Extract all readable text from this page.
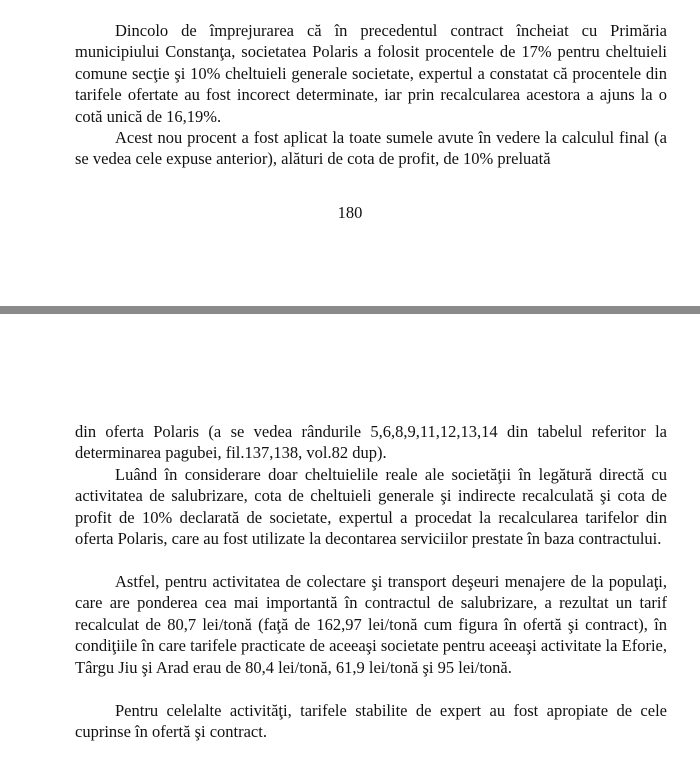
Dincolo de împrejurarea că în precedentul contract încheiat cu Primăria municipiului Constanţa, societatea Polaris a folosit procentele de 17% pentru cheltuieli comune secţie şi 10% cheltuieli generale societate, expertul a constatat că procentele din tarifele ofertate au fost incorect determinate, iar prin recalcularea acestora a ajuns la o cotă unică de 16,19%.

Acest nou procent a fost aplicat la toate sumele avute în vedere la calculul final (a se vedea cele expuse anterior), alături de cota de profit, de 10% preluată

180

din oferta Polaris (a se vedea rândurile 5,6,8,9,11,12,13,14 din tabelul referitor la determinarea pagubei, fil.137,138, vol.82 dup).

Luând în considerare doar cheltuielile reale ale societăţii în legătură directă cu activitatea de salubrizare, cota de cheltuieli generale şi indirecte recalculată şi cota de profit de 10% declarată de societate, expertul a procedat la recalcularea tarifelor din oferta Polaris, care au fost utilizate la decontarea serviciilor prestate în baza contractului.

Astfel, pentru activitatea de colectare şi transport deşeuri menajere de la populaţi, care are ponderea cea mai importantă în contractul de salubrizare, a rezultat un tarif recalculat de 80,7 lei/tonă (faţă de 162,97 lei/tonă cum figura în ofertă şi contract), în condiţiile în care tarifele practicate de aceeaşi societate pentru aceeaşi activitate la Eforie, Târgu Jiu şi Arad erau de 80,4 lei/tonă, 61,9 lei/tonă şi 95 lei/tonă.

Pentru celelalte activităţi, tarifele stabilite de expert au fost apropiate de cele cuprinse în ofertă şi contract.
